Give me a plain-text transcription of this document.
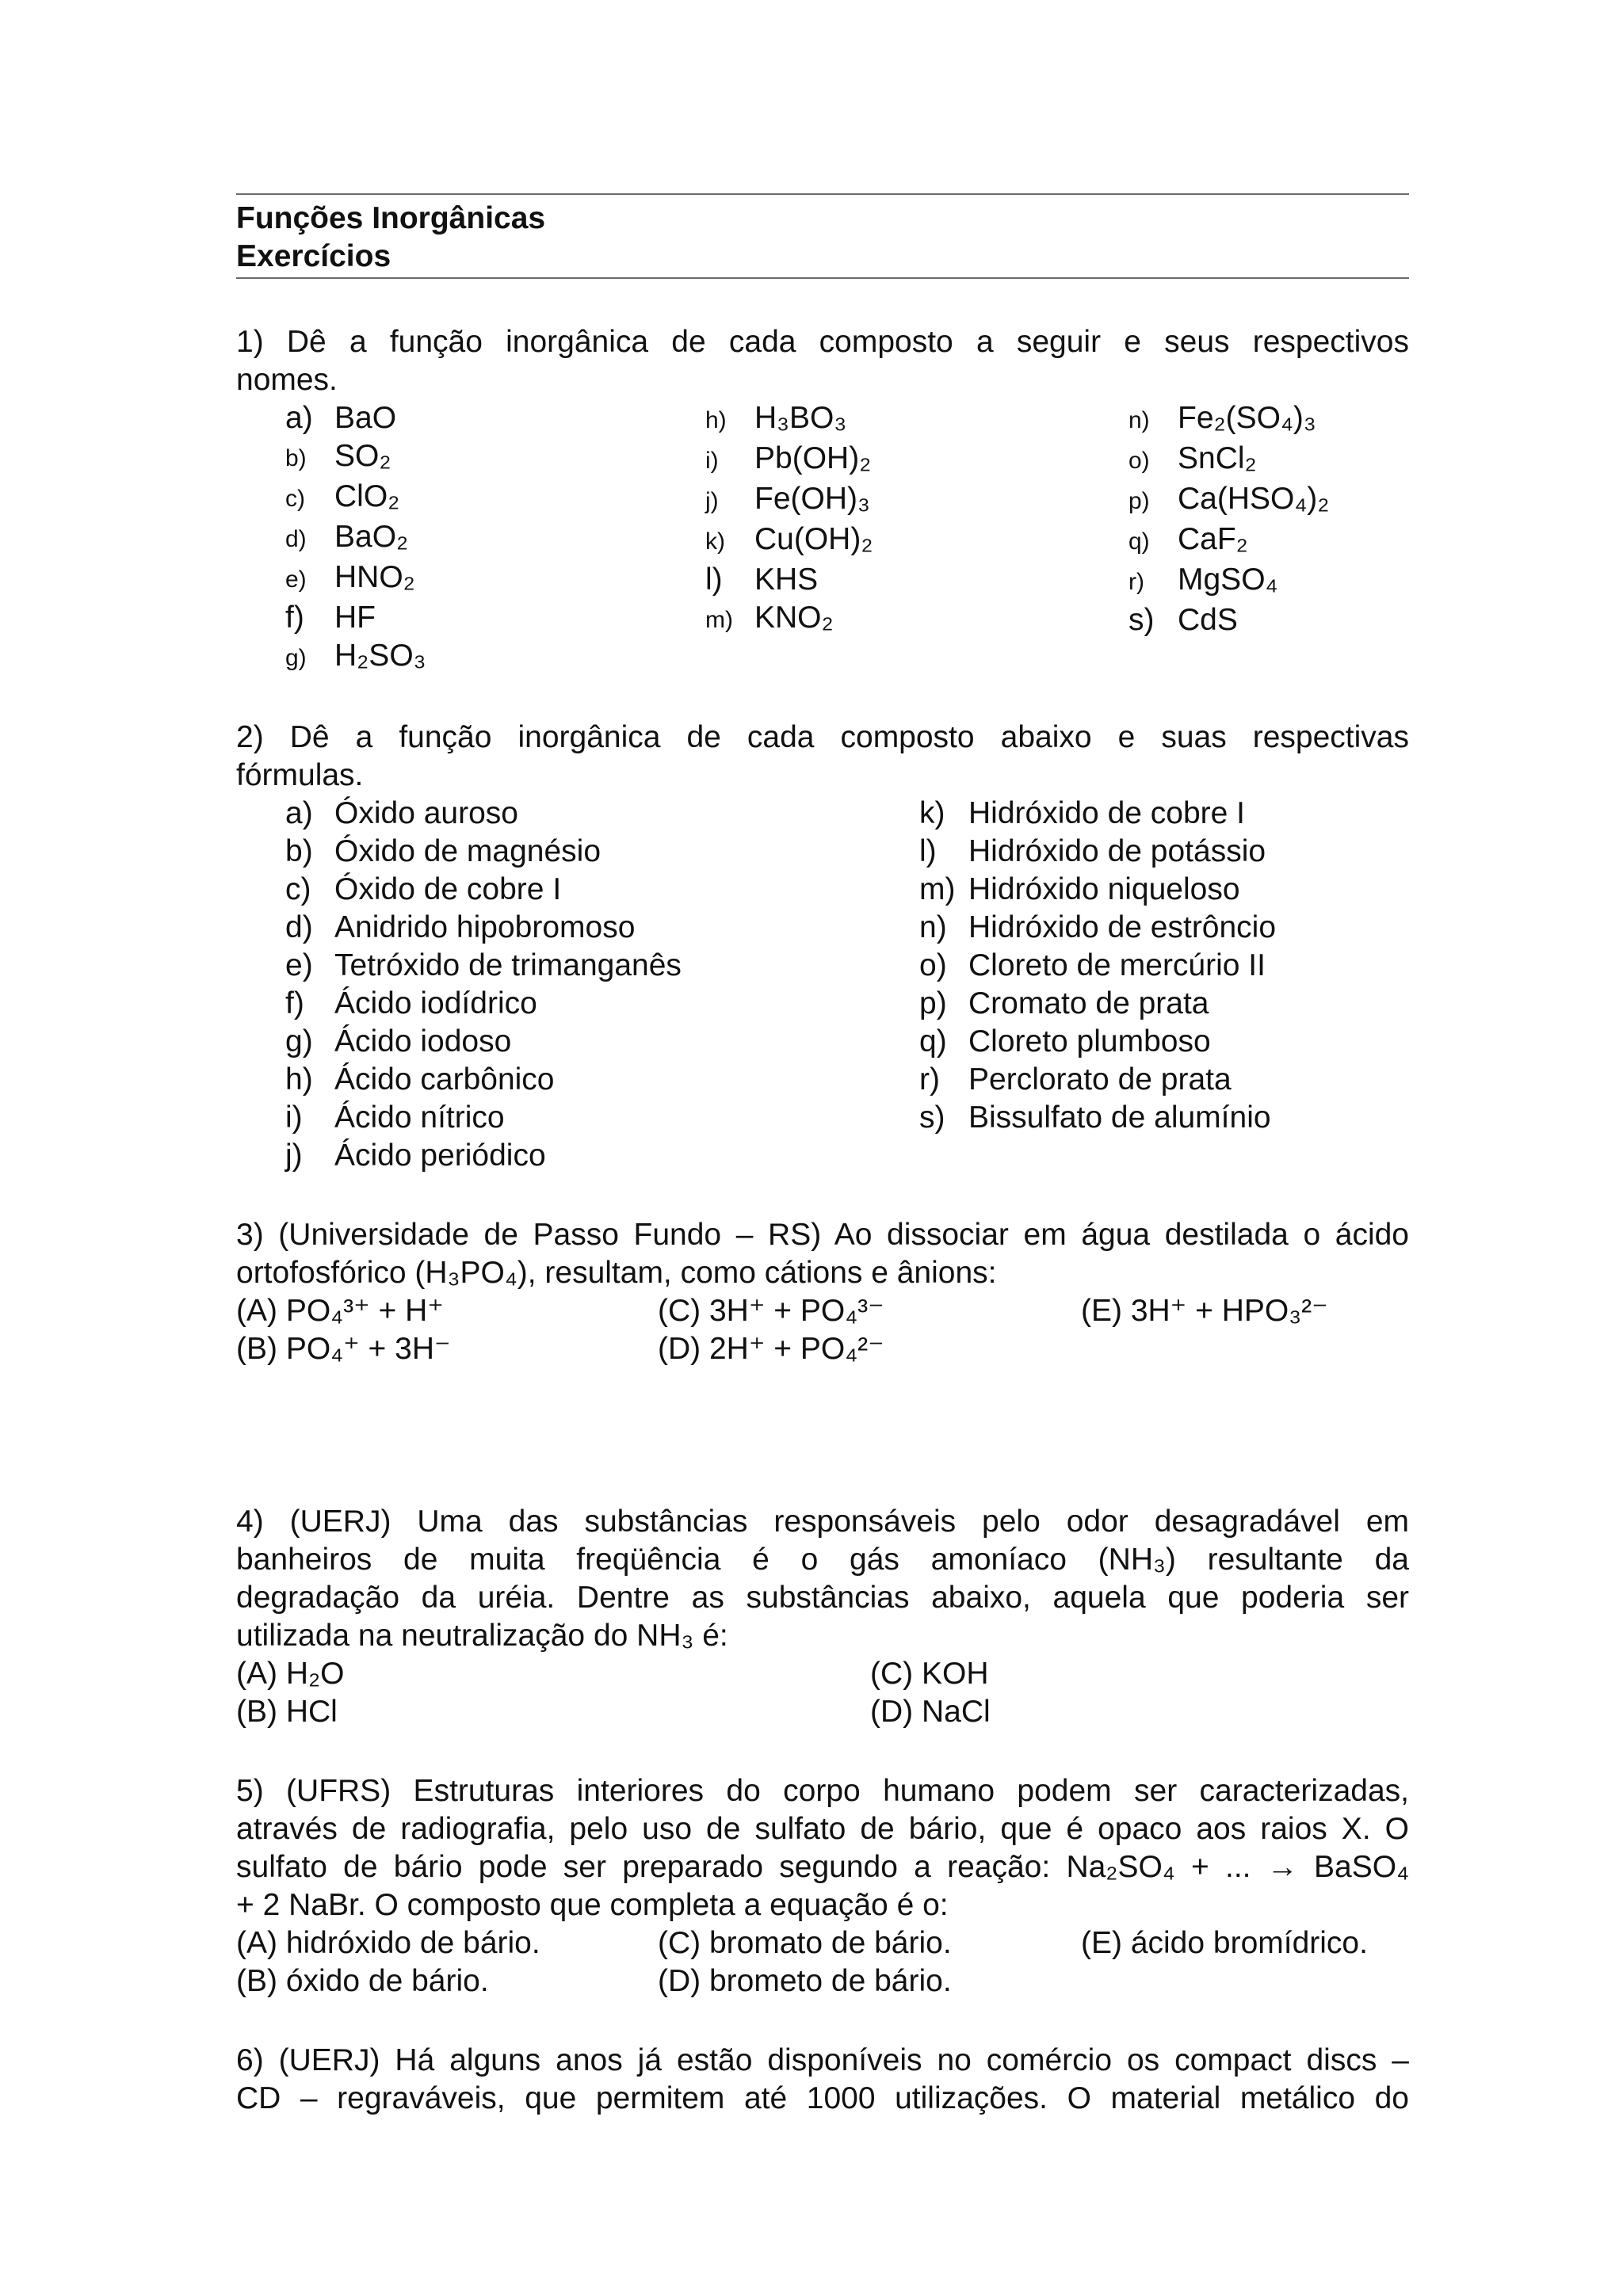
Funções Inorgânicas
Exercícios
1) Dê a função inorgânica de cada composto a seguir e seus respectivos
nomes.
a) BaO
b) SO₂
c) ClO₂
d) BaO₂
e) HNO₂
f) HF
g) H₂SO₃
h) H₃BO₃
i)	Pb(OH)₂
j)	Fe(OH)₃
k) Cu(OH)₂
l)	KHS
m) KNO₂
n) Fe₂(SO₄)₃
o) SnCl₂
p) Ca(HSO₄)₂
q) CaF₂
r)	MgSO₄
s) CdS
2) Dê a função inorgânica de cada composto abaixo e suas respectivas
fórmulas.
a) Óxido auroso
b) Óxido de magnésio
c) Óxido de cobre I
d) Anidrido hipobromoso
e) Tetróxido de trimanganês
f) Ácido iodídrico
g) Ácido iodoso
h) Ácido carbônico
i)	Ácido nítrico
j)	Ácido periódico
k) Hidróxido de cobre I
l)	Hidróxido de potássio
m) Hidróxido niqueloso
n) Hidróxido de estrôncio
o) Cloreto de mercúrio II
p) Cromato de prata
q) Cloreto plumboso
r) Perclorato de prata
s) Bissulfato de alumínio
3) (Universidade de Passo Fundo – RS) Ao dissociar em água destilada o ácido
ortofosfórico (H₃PO₄), resultam, como cátions e ânions:
(A) PO₄³⁺ + H⁺	(C) 3H⁺ + PO₄³⁻	(E) 3H⁺ + HPO₃²⁻
(B) PO₄⁺ + 3H⁻	(D) 2H⁺ + PO₄²⁻
4) (UERJ) Uma das substâncias responsáveis pelo odor desagradável em
banheiros de muita freqüência é o gás amoníaco (NH₃) resultante da
degradação da uréia. Dentre as substâncias abaixo, aquela que poderia ser
utilizada na neutralização do NH₃ é:
(A) H₂O	(C) KOH
(B) HCl	(D) NaCl
5) (UFRS) Estruturas interiores do corpo humano podem ser caracterizadas,
através de radiografia, pelo uso de sulfato de bário, que é opaco aos raios X. O
sulfato de bário pode ser preparado segundo a reação: Na₂SO₄ + ... → BaSO₄
+ 2 NaBr. O composto que completa a equação é o:
(A) hidróxido de bário.	(C) bromato de bário.	(E) ácido bromídrico.
(B) óxido de bário.	(D) brometo de bário.
6) (UERJ) Há alguns anos já estão disponíveis no comércio os compact discs –
CD – regraváveis, que permitem até 1000 utilizações. O material metálico do
